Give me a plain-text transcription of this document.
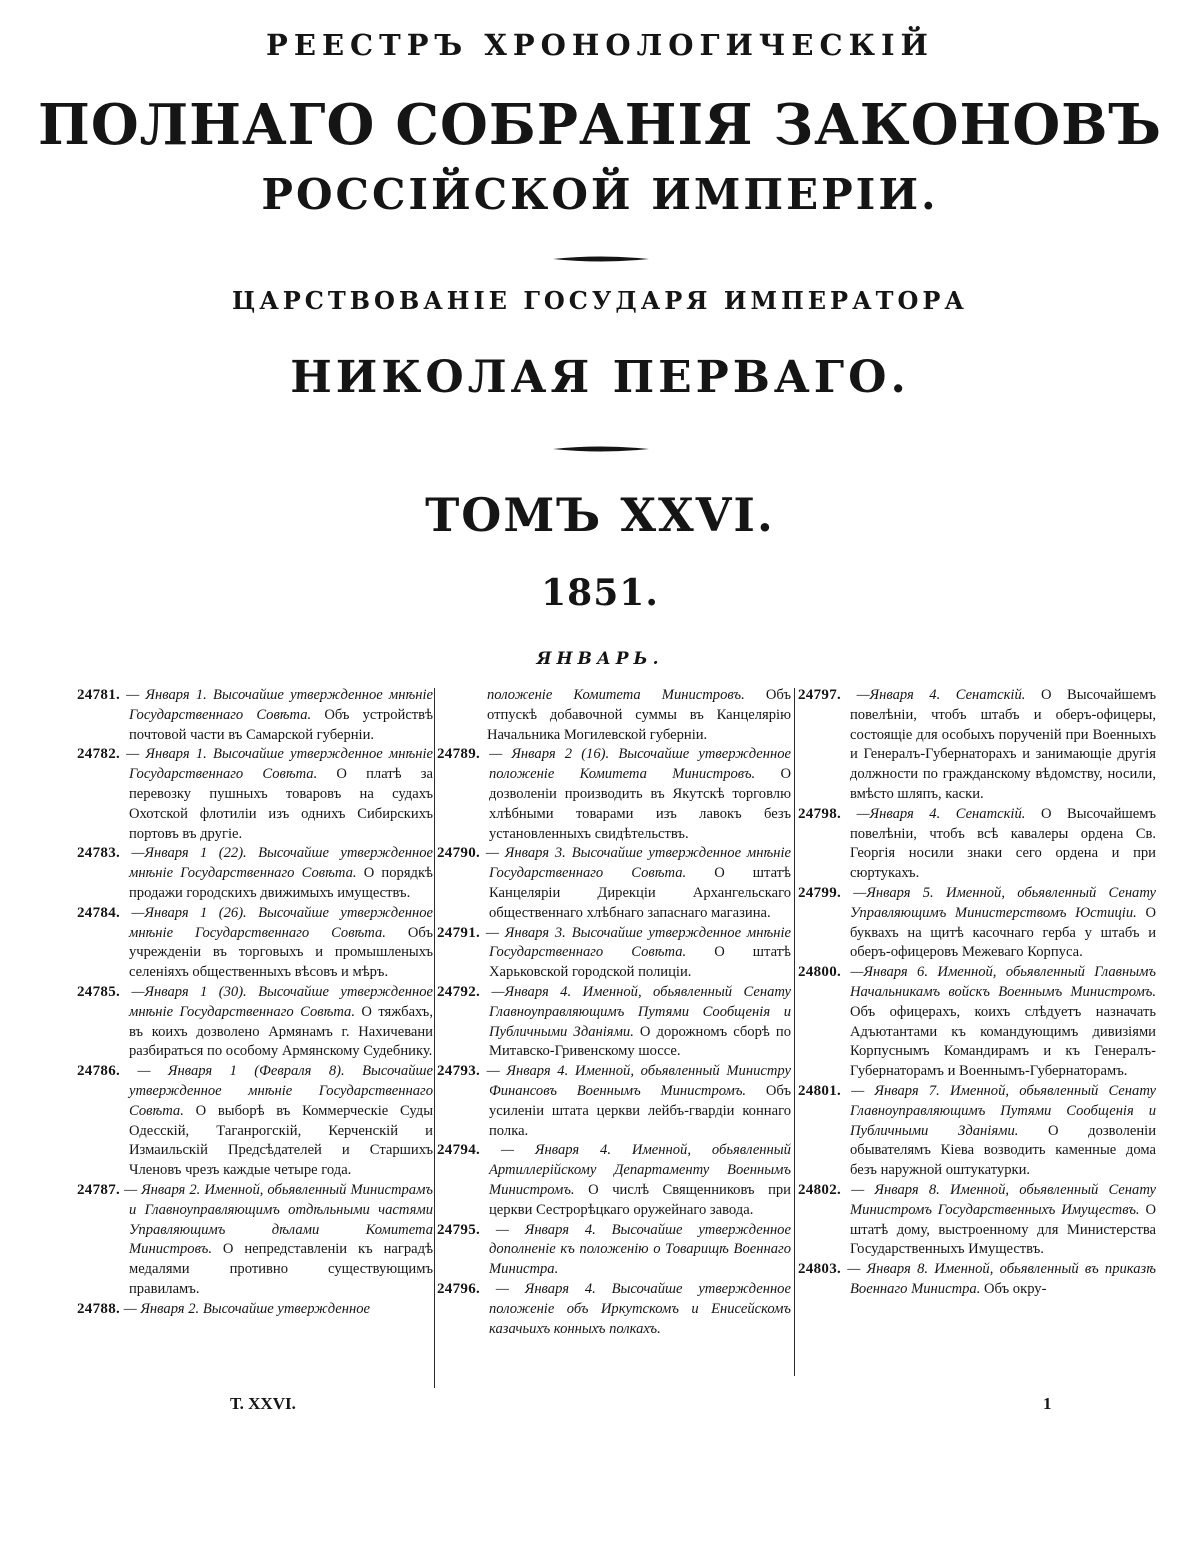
РЕЕСТРЪ ХРОНОЛОГИЧЕСКІЙ
ПОЛНАГО СОБРАНІЯ ЗАКОНОВЪ
РОССІЙСКОЙ ИМПЕРІИ.
ЦАРСТВОВАНІЕ ГОСУДАРЯ ИМПЕРАТОРА
НИКОЛАЯ ПЕРВАГО.
ТОМЪ XXVI.
1851.
ЯНВАРЬ.

24781. — Января 1. Высочайше утвержденное мнѣніе Государственнаго Совѣта. Объ устройствѣ почтовой части въ Самарской губерніи.

24782. — Января 1. Высочайше утвержденное мнѣніе Государственнаго Совѣта. О платѣ за перевозку пушныхъ товаровъ на судахъ Охотской флотиліи изъ однихъ Сибирскихъ портовъ въ другіе.

24783. —Января 1 (22). Высочайше утвержденное мнѣніе Государственнаго Совѣта. О порядкѣ продажи городскихъ движимыхъ имуществъ.

24784. —Января 1 (26). Высочайше утвержденное мнѣніе Государственнаго Совѣта. Объ учрежденіи въ торговыхъ и промышленыхъ селеніяхъ общественныхъ вѣсовъ и мѣръ.

24785. —Января 1 (30). Высочайше утвержденное мнѣніе Государственнаго Совѣта. О тяжбахъ, въ коихъ дозволено Армянамъ г. Нахичевани разбираться по особому Армянскому Судебнику.

24786. — Января 1 (Февраля 8). Высочайше утвержденное мнѣніе Государственнаго Совѣта. О выборѣ въ Коммерческіе Суды Одесскій, Таганрогскій, Керченскій и Измаильскій Предсѣдателей и Старшихъ Членовъ чрезъ каждые четыре года.

24787. — Января 2. Именной, обьявленный Министрамъ и Главноуправляющимъ отдѣльными частями Управляющимъ дѣлами Комитета Министровъ. О непредставленіи къ наградѣ медалями противно существующимъ правиламъ.

24788. — Января 2. Высочайше утвержденное

положеніе Комитета Министровъ. Объ отпускѣ добавочной суммы въ Канцелярію Начальника Могилевской губерніи.

24789. — Января 2 (16). Высочайше утвержденное положеніе Комитета Министровъ. О дозволеніи производить въ Якутскѣ торговлю хлѣбными товарами изъ лавокъ безъ установленныхъ свидѣтельствъ.

24790. — Января 3. Высочайше утвержденное мнѣніе Государственнаго Совѣта. О штатѣ Канцеляріи Дирекціи Архангельскаго общественнаго хлѣбнаго запаснаго магазина.

24791. — Января 3. Высочайше утвержденное мнѣніе Государственнаго Совѣта. О штатѣ Харьковской городской полиціи.

24792. —Января 4. Именной, обьявленный Сенату Главноуправляющимъ Путями Сообщенія и Публичными Зданіями. О дорожномъ сборѣ по Митавско-Гривенскому шоссе.

24793. — Января 4. Именной, обьявленный Министру Финансовъ Военнымъ Министромъ. Объ усиленіи штата церкви лейбъ-гвардіи коннаго полка.

24794. — Января 4. Именной, обьявленный Артиллерійскому Департаменту Военнымъ Министромъ. О числѣ Священниковъ при церкви Сестрорѣцкаго оружейнаго завода.

24795. — Января 4. Высочайше утвержденное дополненіе къ положенію о Товарищѣ Военнаго Министра.

24796. — Января 4. Высочайше утвержденное положеніе объ Иркутскомъ и Енисейскомъ казачьихъ конныхъ полкахъ.

24797. —Января 4. Сенатскій. О Высочайшемъ повелѣніи, чтобъ штабъ и оберъ-офицеры, состоящіе для особыхъ порученій при Военныхъ и Генералъ-Губернаторахъ и занимающіе другія должности по гражданскому вѣдомству, носили, вмѣсто шляпъ, каски.

24798. —Января 4. Сенатскій. О Высочайшемъ повелѣніи, чтобъ всѣ кавалеры ордена Св. Георгія носили знаки сего ордена и при сюртукахъ.

24799. —Января 5. Именной, обьявленный Сенату Управляющимъ Министерствомъ Юстиціи. О буквахъ на щитѣ касочнаго герба у штабъ и оберъ-офицеровъ Межеваго Корпуса.

24800. —Января 6. Именной, обьявленный Главнымъ Начальникамъ войскъ Военнымъ Министромъ. Объ офицерахъ, коихъ слѣдуетъ назначать Адъютантами къ командующимъ дивизіями Корпуснымъ Командирамъ и къ Генералъ-Губернаторамъ и Военнымъ-Губернаторамъ.

24801. — Января 7. Именной, обьявленный Сенату Главноуправляющимъ Путями Сообщенія и Публичными Зданіями. О дозволеніи обывателямъ Кіева возводить каменные дома безъ наружной оштукатурки.

24802. — Января 8. Именной, обьявленный Сенату Министромъ Государственныхъ Имуществъ. О штатѣ дому, выстроенному для Министерства Государственныхъ Имуществъ.

24803. — Января 8. Именной, обьявленный въ приказѣ Военнаго Министра. Объ окру-

Т. XXVI.	1
